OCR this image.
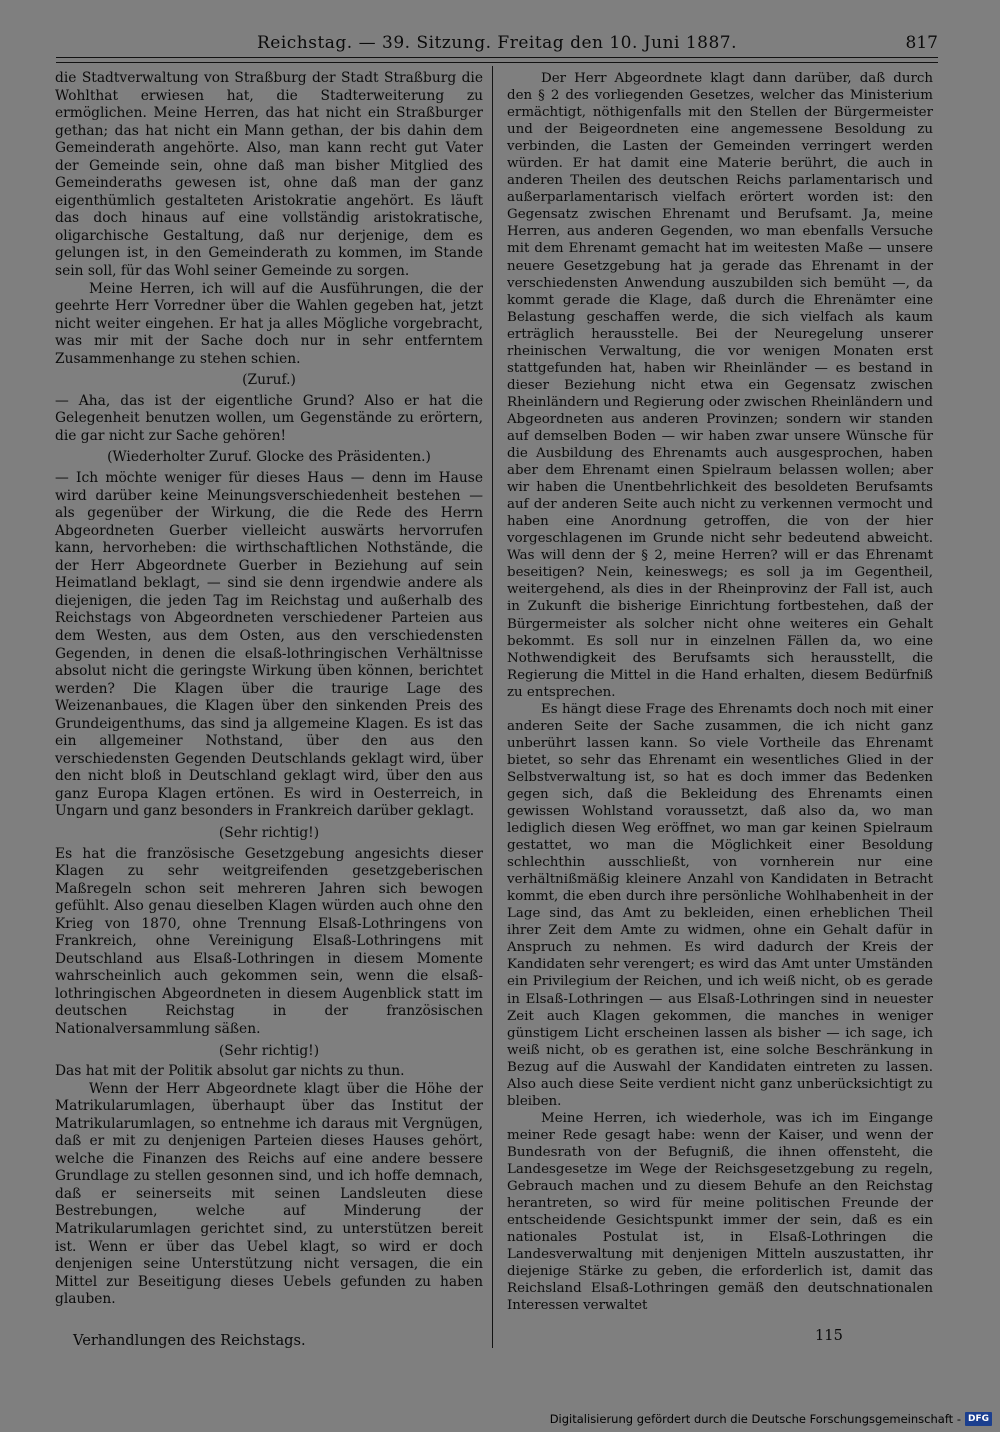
Reichstag. — 39. Sitzung. Freitag den 10. Juni 1887.	817

die Stadtverwaltung von Straßburg der Stadt Straßburg die Wohlthat erwiesen hat, die Stadterweiterung zu ermöglichen. Meine Herren, das hat nicht ein Straßburger gethan; das hat nicht ein Mann gethan, der bis dahin dem Gemeinderath angehörte. Also, man kann recht gut Vater der Gemeinde sein, ohne daß man bisher Mitglied des Gemeinderaths gewesen ist, ohne daß man der ganz eigenthümlich gestalteten Aristokratie angehört. Es läuft das doch hinaus auf eine vollständig aristokratische, oligarchische Gestaltung, daß nur derjenige, dem es gelungen ist, in den Gemeinderath zu kommen, im Stande sein soll, für das Wohl seiner Gemeinde zu sorgen.

Meine Herren, ich will auf die Ausführungen, die der geehrte Herr Vorredner über die Wahlen gegeben hat, jetzt nicht weiter eingehen. Er hat ja alles Mögliche vorgebracht, was mir mit der Sache doch nur in sehr entferntem Zusammenhange zu stehen schien.

(Zuruf.)

— Aha, das ist der eigentliche Grund? Also er hat die Gelegenheit benutzen wollen, um Gegenstände zu erörtern, die gar nicht zur Sache gehören!

(Wiederholter Zuruf. Glocke des Präsidenten.)

— Ich möchte weniger für dieses Haus — denn im Hause wird darüber keine Meinungsverschiedenheit bestehen — als gegenüber der Wirkung, die die Rede des Herrn Abgeordneten Guerber vielleicht auswärts hervorrufen kann, hervorheben: die wirthschaftlichen Nothstände, die der Herr Abgeordnete Guerber in Beziehung auf sein Heimatland beklagt, — sind sie denn irgendwie andere als diejenigen, die jeden Tag im Reichstag und außerhalb des Reichstags von Abgeordneten verschiedener Parteien aus dem Westen, aus dem Osten, aus den verschiedensten Gegenden, in denen die elsaß-lothringischen Verhältnisse absolut nicht die geringste Wirkung üben können, berichtet werden? Die Klagen über die traurige Lage des Weizenanbaues, die Klagen über den sinkenden Preis des Grundeigenthums, das sind ja allgemeine Klagen. Es ist das ein allgemeiner Nothstand, über den aus den verschiedensten Gegenden Deutschlands geklagt wird, über den nicht bloß in Deutschland geklagt wird, über den aus ganz Europa Klagen ertönen. Es wird in Oesterreich, in Ungarn und ganz besonders in Frankreich darüber geklagt.

(Sehr richtig!)

Es hat die französische Gesetzgebung angesichts dieser Klagen zu sehr weitgreifenden gesetzgeberischen Maßregeln schon seit mehreren Jahren sich bewogen gefühlt. Also genau dieselben Klagen würden auch ohne den Krieg von 1870, ohne Trennung Elsaß-Lothringens von Frankreich, ohne Vereinigung Elsaß-Lothringens mit Deutschland aus Elsaß-Lothringen in diesem Momente wahrscheinlich auch gekommen sein, wenn die elsaß-lothringischen Abgeordneten in diesem Augenblick statt im deutschen Reichstag in der französischen Nationalversammlung säßen.

(Sehr richtig!)

Das hat mit der Politik absolut gar nichts zu thun.

Wenn der Herr Abgeordnete klagt über die Höhe der Matrikularumlagen, überhaupt über das Institut der Matrikularumlagen, so entnehme ich daraus mit Vergnügen, daß er mit zu denjenigen Parteien dieses Hauses gehört, welche die Finanzen des Reichs auf eine andere bessere Grundlage zu stellen gesonnen sind, und ich hoffe demnach, daß er seinerseits mit seinen Landsleuten diese Bestrebungen, welche auf Minderung der Matrikularumlagen gerichtet sind, zu unterstützen bereit ist. Wenn er über das Uebel klagt, so wird er doch denjenigen seine Unterstützung nicht versagen, die ein Mittel zur Beseitigung dieses Uebels gefunden zu haben glauben.

Der Herr Abgeordnete klagt dann darüber, daß durch den § 2 des vorliegenden Gesetzes, welcher das Ministerium ermächtigt, nöthigenfalls mit den Stellen der Bürgermeister und der Beigeordneten eine angemessene Besoldung zu verbinden, die Lasten der Gemeinden verringert werden würden. Er hat damit eine Materie berührt, die auch in anderen Theilen des deutschen Reichs parlamentarisch und außerparlamentarisch vielfach erörtert worden ist: den Gegensatz zwischen Ehrenamt und Berufsamt. Ja, meine Herren, aus anderen Gegenden, wo man ebenfalls Versuche mit dem Ehrenamt gemacht hat im weitesten Maße — unsere neuere Gesetzgebung hat ja gerade das Ehrenamt in der verschiedensten Anwendung auszubilden sich bemüht —, da kommt gerade die Klage, daß durch die Ehrenämter eine Belastung geschaffen werde, die sich vielfach als kaum erträglich herausstelle. Bei der Neuregelung unserer rheinischen Verwaltung, die vor wenigen Monaten erst stattgefunden hat, haben wir Rheinländer — es bestand in dieser Beziehung nicht etwa ein Gegensatz zwischen Rheinländern und Regierung oder zwischen Rheinländern und Abgeordneten aus anderen Provinzen; sondern wir standen auf demselben Boden — wir haben zwar unsere Wünsche für die Ausbildung des Ehrenamts auch ausgesprochen, haben aber dem Ehrenamt einen Spielraum belassen wollen; aber wir haben die Unentbehrlichkeit des besoldeten Berufsamts auf der anderen Seite auch nicht zu verkennen vermocht und haben eine Anordnung getroffen, die von der hier vorgeschlagenen im Grunde nicht sehr bedeutend abweicht. Was will denn der § 2, meine Herren? will er das Ehrenamt beseitigen? Nein, keineswegs; es soll ja im Gegentheil, weitergehend, als dies in der Rheinprovinz der Fall ist, auch in Zukunft die bisherige Einrichtung fortbestehen, daß der Bürgermeister als solcher nicht ohne weiteres ein Gehalt bekommt. Es soll nur in einzelnen Fällen da, wo eine Nothwendigkeit des Berufsamts sich herausstellt, die Regierung die Mittel in die Hand erhalten, diesem Bedürfniß zu entsprechen.

Es hängt diese Frage des Ehrenamts doch noch mit einer anderen Seite der Sache zusammen, die ich nicht ganz unberührt lassen kann. So viele Vortheile das Ehrenamt bietet, so sehr das Ehrenamt ein wesentliches Glied in der Selbstverwaltung ist, so hat es doch immer das Bedenken gegen sich, daß die Bekleidung des Ehrenamts einen gewissen Wohlstand voraussetzt, daß also da, wo man lediglich diesen Weg eröffnet, wo man gar keinen Spielraum gestattet, wo man die Möglichkeit einer Besoldung schlechthin ausschließt, von vornherein nur eine verhältnißmäßig kleinere Anzahl von Kandidaten in Betracht kommt, die eben durch ihre persönliche Wohlhabenheit in der Lage sind, das Amt zu bekleiden, einen erheblichen Theil ihrer Zeit dem Amte zu widmen, ohne ein Gehalt dafür in Anspruch zu nehmen. Es wird dadurch der Kreis der Kandidaten sehr verengert; es wird das Amt unter Umständen ein Privilegium der Reichen, und ich weiß nicht, ob es gerade in Elsaß-Lothringen — aus Elsaß-Lothringen sind in neuester Zeit auch Klagen gekommen, die manches in weniger günstigem Licht erscheinen lassen als bisher — ich sage, ich weiß nicht, ob es gerathen ist, eine solche Beschränkung in Bezug auf die Auswahl der Kandidaten eintreten zu lassen. Also auch diese Seite verdient nicht ganz unberücksichtigt zu bleiben.

Meine Herren, ich wiederhole, was ich im Eingange meiner Rede gesagt habe: wenn der Kaiser, und wenn der Bundesrath von der Befugniß, die ihnen offensteht, die Landesgesetze im Wege der Reichsgesetzgebung zu regeln, Gebrauch machen und zu diesem Behufe an den Reichstag herantreten, so wird für meine politischen Freunde der entscheidende Gesichtspunkt immer der sein, daß es ein nationales Postulat ist, in Elsaß-Lothringen die Landesverwaltung mit denjenigen Mitteln auszustatten, ihr diejenige Stärke zu geben, die erforderlich ist, damit das Reichsland Elsaß-Lothringen gemäß den deutschnationalen Interessen verwaltet

Verhandlungen des Reichstags.	115
Digitalisierung gefördert durch die Deutsche Forschungsgemeinschaft - DFG
